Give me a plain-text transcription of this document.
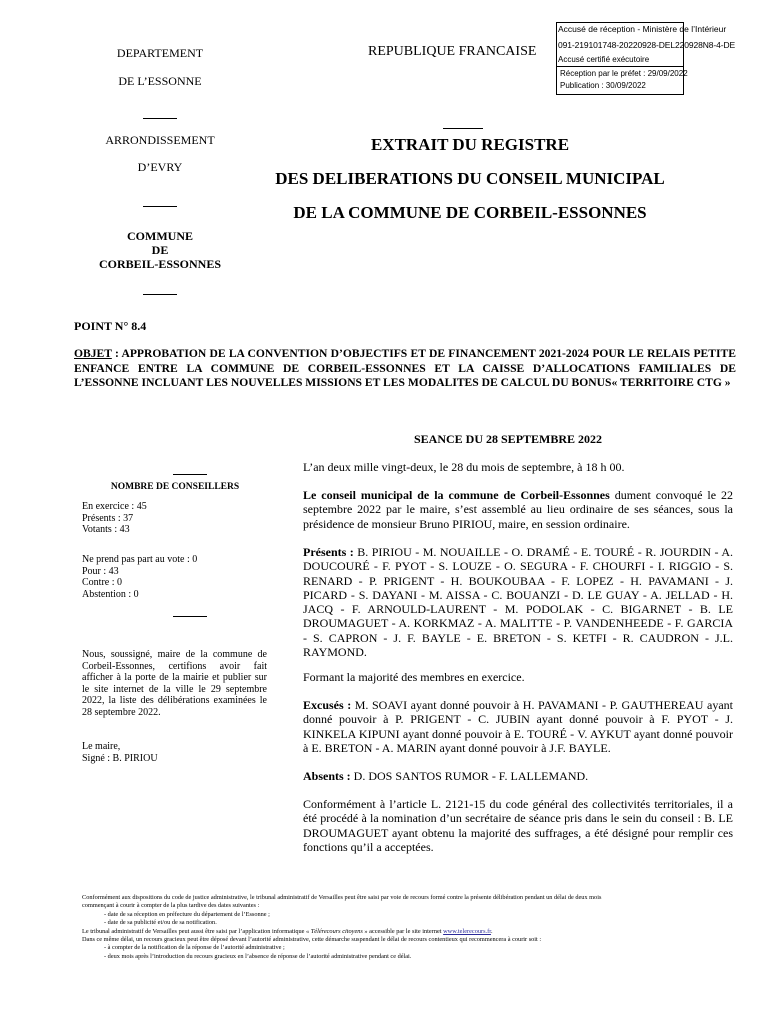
DEPARTEMENT
DE L’ESSONNE
ARRONDISSEMENT
D’EVRY
COMMUNE
DE
CORBEIL-ESSONNES
REPUBLIQUE FRANCAISE
Accusé de réception - Ministère de l’Intérieur
091-219101748-20220928-DEL220928N8-4-DE
Accusé certifié exécutoire
Réception par le préfet : 29/09/2022
Publication : 30/09/2022
EXTRAIT DU REGISTRE
DES DELIBERATIONS DU CONSEIL MUNICIPAL
DE LA COMMUNE DE CORBEIL-ESSONNES
POINT N° 8.4
OBJET : APPROBATION DE LA CONVENTION D’OBJECTIFS ET DE FINANCEMENT 2021-2024 POUR LE RELAIS PETITE ENFANCE ENTRE LA COMMUNE DE CORBEIL-ESSONNES ET LA CAISSE D’ALLOCATIONS FAMILIALES DE L’ESSONNE INCLUANT LES NOUVELLES MISSIONS ET LES MODALITES DE CALCUL DU BONUS« TERRITOIRE CTG »
SEANCE DU 28 SEPTEMBRE 2022
NOMBRE DE CONSEILLERS
En exercice : 45
Présents : 37
Votants : 43
Ne prend pas part au vote : 0
Pour : 43
Contre : 0
Abstention : 0
Nous, soussigné, maire de la commune de Corbeil-Essonnes, certifions avoir fait afficher à la porte de la mairie et publier sur le site internet de la ville le 29 septembre 2022, la liste des délibérations examinées le 28 septembre 2022.
Le maire,
Signé : B. PIRIOU
L’an deux mille vingt-deux, le 28 du mois de septembre, à 18 h 00.
Le conseil municipal de la commune de Corbeil-Essonnes dument convoqué le 22 septembre 2022 par le maire, s’est assemblé au lieu ordinaire de ses séances, sous la présidence de monsieur Bruno PIRIOU, maire, en session ordinaire.
Présents : B. PIRIOU - M. NOUAILLE - O. DRAMÉ - E. TOURÉ - R. JOURDIN - A. DOUCOURÉ - F. PYOT - S. LOUZE - O. SEGURA - F. CHOURFI - I. RIGGIO - S. RENARD - P. PRIGENT - H. BOUKOUBAA - F. LOPEZ - H. PAVAMANI - J. PICARD - S. DAYANI - M. AISSA - C. BOUANZI - D. LE GUAY - A. JELLAD - H. JACQ - F. ARNOULD-LAURENT - M. PODOLAK - C. BIGARNET - B. LE DROUMAGUET - A. KORKMAZ - A. MALITTE - P. VANDENHEEDE - F. GARCIA - S. CAPRON - J. F. BAYLE - E. BRETON - S. KETFI - R. CAUDRON - J.L. RAYMOND.
Formant la majorité des membres en exercice.
Excusés : M. SOAVI ayant donné pouvoir à H. PAVAMANI - P. GAUTHEREAU ayant donné pouvoir à P. PRIGENT - C. JUBIN ayant donné pouvoir à F. PYOT - J. KINKELA KIPUNI ayant donné pouvoir à E. TOURÉ - V. AYKUT ayant donné pouvoir à E. BRETON - A. MARIN ayant donné pouvoir à J.F. BAYLE.
Absents : D. DOS SANTOS RUMOR - F. LALLEMAND.
Conformément à l’article L. 2121-15 du code général des collectivités territoriales, il a été procédé à la nomination d’un secrétaire de séance pris dans le sein du conseil : B. LE DROUMAGUET ayant obtenu la majorité des suffrages, a été désigné pour remplir ces fonctions qu’il a acceptées.
Conformément aux dispositions du code de justice administrative, le tribunal administratif de Versailles peut être saisi par voie de recours formé contre la présente délibération pendant un délai de deux mois
commençant à courir à compter de la plus tardive des dates suivantes :
- date de sa réception en préfecture du département de l’Essonne ;
- date de sa publicité et/ou de sa notification.
Le tribunal administratif de Versailles peut aussi être saisi par l’application informatique « Télérecours citoyens » accessible par le site internet www.telerecours.fr.
Dans ce même délai, un recours gracieux peut être déposé devant l’autorité administrative, cette démarche suspendant le délai de recours contentieux qui recommencera à courir soit :
- à compter de la notification de la réponse de l’autorité administrative ;
- deux mois après l’introduction du recours gracieux en l’absence de réponse de l’autorité administrative pendant ce délai.
